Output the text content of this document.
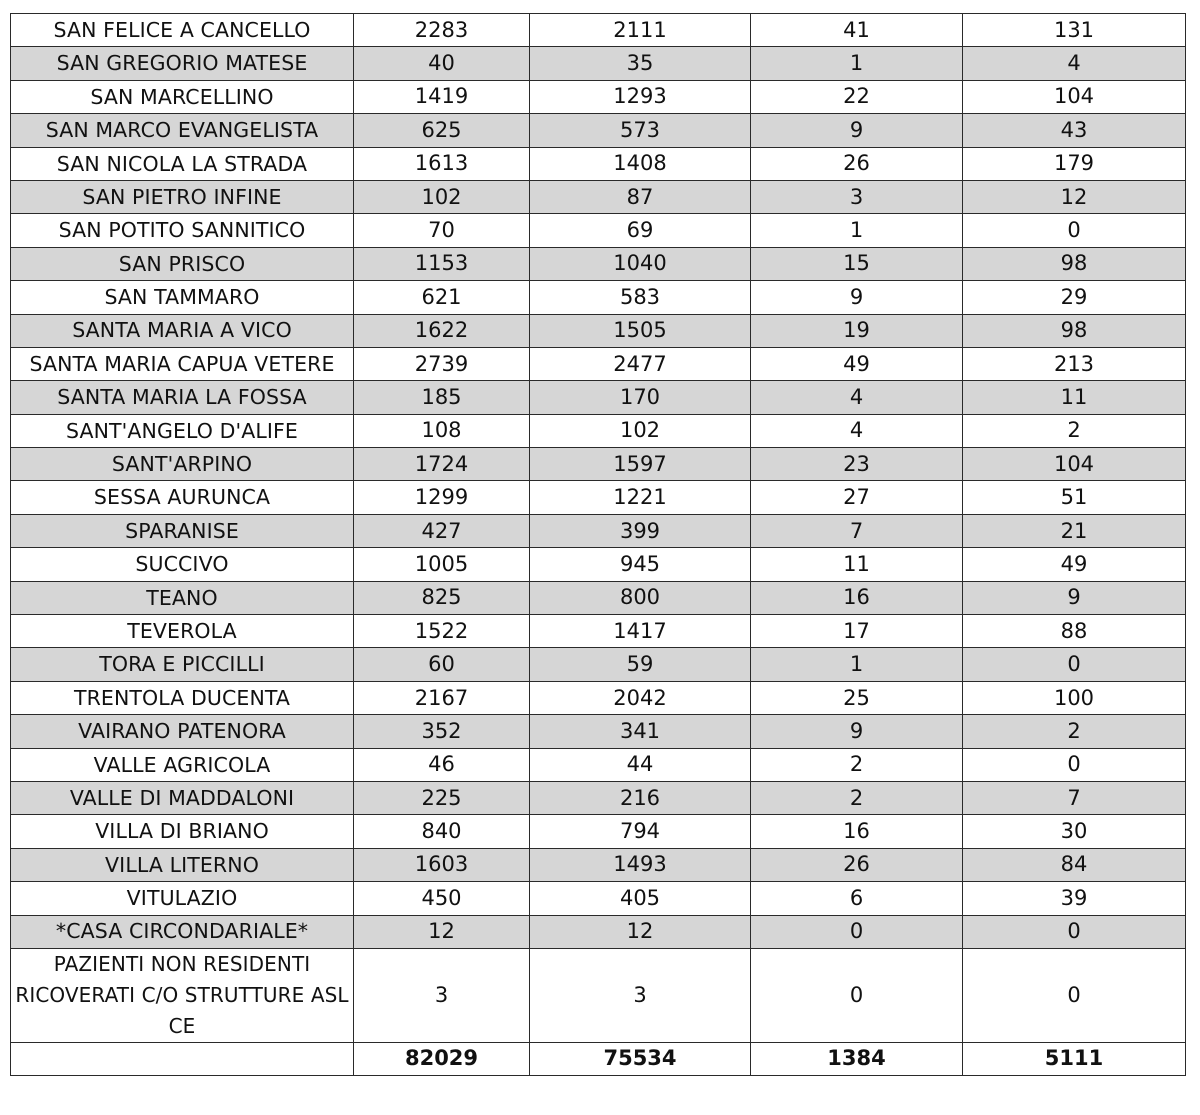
SAN FELICE A CANCELLO	2283	2111	41	131
SAN GREGORIO MATESE	40	35	1	4
SAN MARCELLINO	1419	1293	22	104
SAN MARCO EVANGELISTA	625	573	9	43
SAN NICOLA LA STRADA	1613	1408	26	179
SAN PIETRO INFINE	102	87	3	12
SAN POTITO SANNITICO	70	69	1	0
SAN PRISCO	1153	1040	15	98
SAN TAMMARO	621	583	9	29
SANTA MARIA A VICO	1622	1505	19	98
SANTA MARIA CAPUA VETERE	2739	2477	49	213
SANTA MARIA LA FOSSA	185	170	4	11
SANT'ANGELO D'ALIFE	108	102	4	2
SANT'ARPINO	1724	1597	23	104
SESSA AURUNCA	1299	1221	27	51
SPARANISE	427	399	7	21
SUCCIVO	1005	945	11	49
TEANO	825	800	16	9
TEVEROLA	1522	1417	17	88
TORA E PICCILLI	60	59	1	0
TRENTOLA DUCENTA	2167	2042	25	100
VAIRANO PATENORA	352	341	9	2
VALLE AGRICOLA	46	44	2	0
VALLE DI MADDALONI	225	216	2	7
VILLA DI BRIANO	840	794	16	30
VILLA LITERNO	1603	1493	26	84
VITULAZIO	450	405	6	39
*CASA CIRCONDARIALE*	12	12	0	0
PAZIENTI NON RESIDENTI RICOVERATI C/O STRUTTURE ASL CE	3	3	0	0
	82029	75534	1384	5111
